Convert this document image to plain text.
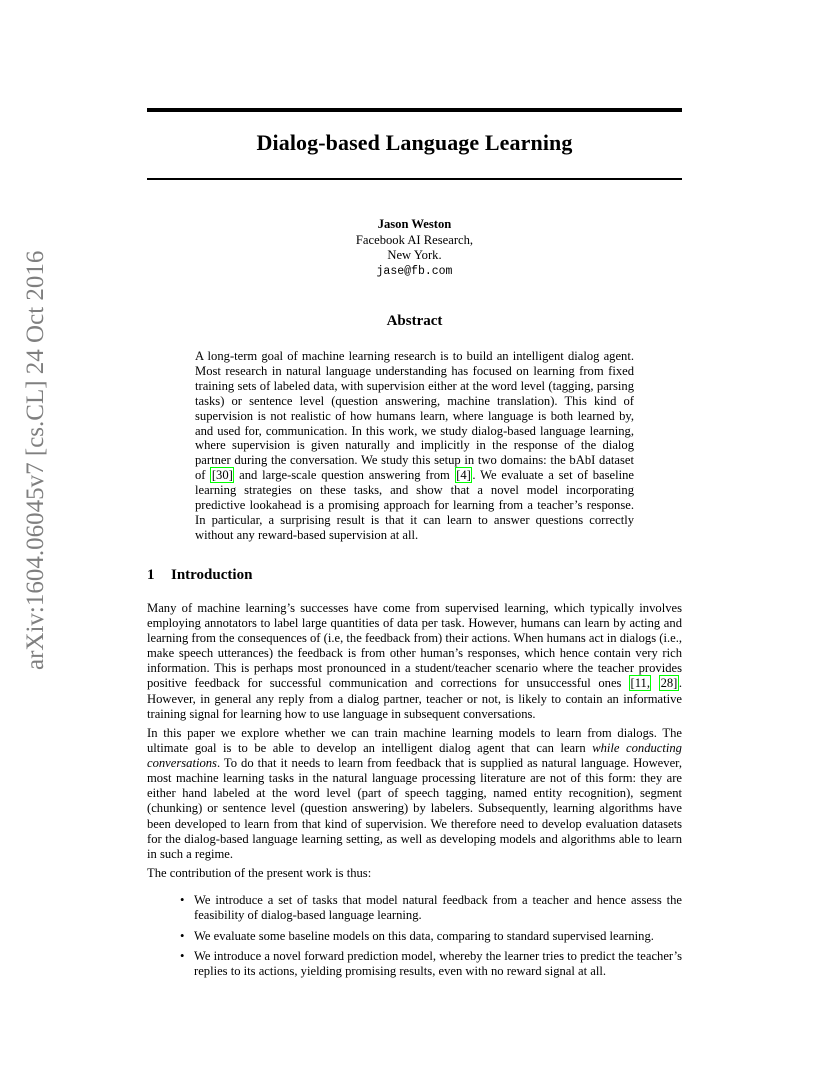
arXiv:1604.06045v7 [cs.CL] 24 Oct 2016
Dialog-based Language Learning
Jason Weston
Facebook AI Research,
New York.
jase@fb.com
Abstract

A long-term goal of machine learning research is to build an intelligent dialog agent. Most research in natural language understanding has focused on learning from fixed training sets of labeled data, with supervision either at the word level (tagging, parsing tasks) or sentence level (question answering, machine translation). This kind of supervision is not realistic of how humans learn, where language is both learned by, and used for, communication. In this work, we study dialog-based language learning, where supervision is given naturally and implicitly in the response of the dialog partner during the conversation. We study this setup in two domains: the bAbI dataset of [30] and large-scale question answering from [4] . We evaluate a set of baseline learning strategies on these tasks, and show that a novel model incorporating predictive lookahead is a promising approach for learning from a teacher’s response. In particular, a surprising result is that it can learn to answer questions correctly without any reward-based supervision at all.

1 Introduction

Many of machine learning’s successes have come from supervised learning, which typically involves employing annotators to label large quantities of data per task. However, humans can learn by acting and learning from the consequences of (i.e, the feedback from) their actions. When humans act in dialogs (i.e., make speech utterances) the feedback is from other human’s responses, which hence contain very rich information. This is perhaps most pronounced in a student/teacher scenario where the teacher provides positive feedback for successful communication and corrections for unsuccessful ones [11, 28] . However, in general any reply from a dialog partner, teacher or not, is likely to contain an informative training signal for learning how to use language in subsequent conversations.

In this paper we explore whether we can train machine learning models to learn from dialogs. The ultimate goal is to be able to develop an intelligent dialog agent that can learn while conducting conversations. To do that it needs to learn from feedback that is supplied as natural language. However, most machine learning tasks in the natural language processing literature are not of this form: they are either hand labeled at the word level (part of speech tagging, named entity recognition), segment (chunking) or sentence level (question answering) by labelers. Subsequently, learning algorithms have been developed to learn from that kind of supervision. We therefore need to develop evaluation datasets for the dialog-based language learning setting, as well as developing models and algorithms able to learn in such a regime.

The contribution of the present work is thus:

• We introduce a set of tasks that model natural feedback from a teacher and hence assess the feasibility of dialog-based language learning.
• We evaluate some baseline models on this data, comparing to standard supervised learning.
• We introduce a novel forward prediction model, whereby the learner tries to predict the teacher’s replies to its actions, yielding promising results, even with no reward signal at all.
